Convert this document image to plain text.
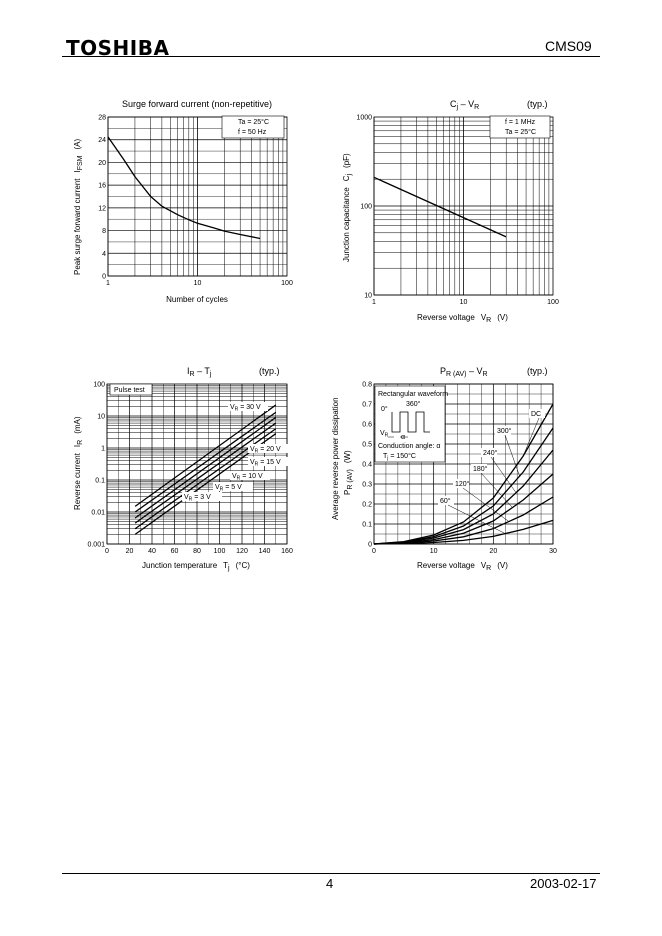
TOSHIBA	CMS09
Surge forward current (non-repetitive)
Number of cycles
Peak surge forward currentIFSM(A)
1	10	100
0
4
8
12
16
20
24
28
Ta = 25°C
f = 50 Hz
$C_j - V_R$	(typ.)
Reverse voltage VR (V)
Junction capacitanceCj(pF)
1	10	100
10
100
1000
f = 1 MHz
Ta = 25°C
$I_R - T_j$	(typ.)
Junction temperature Tj (°C)
Reverse currentIR(mA)
0 20 40 60 80 100 120 140 160
0.001
0.01
0.1
1
10
100
$V_R = 30$ V
$V_R = 20$ V
$V_R = 15$ V
$V_R = 10$ V
$V_R = 5$ V
$V_R = 3$ V
Pulse test
$P_{R (AV)} - V_R$	(typ.)
Reverse voltage VR (V)
Average reverse power dissipation PR (AV)(W)
0	10	20	30
0
0.1
0.2
0.3
0.4
0.5
0.6
0.7
0.8
DC
300°
240°
180°
120°
60°
Rectangular waveform
0°
360°
$V_R$ α
Conduction angle: α
$T_j = 150^\circ C$
4	2003-02-17
